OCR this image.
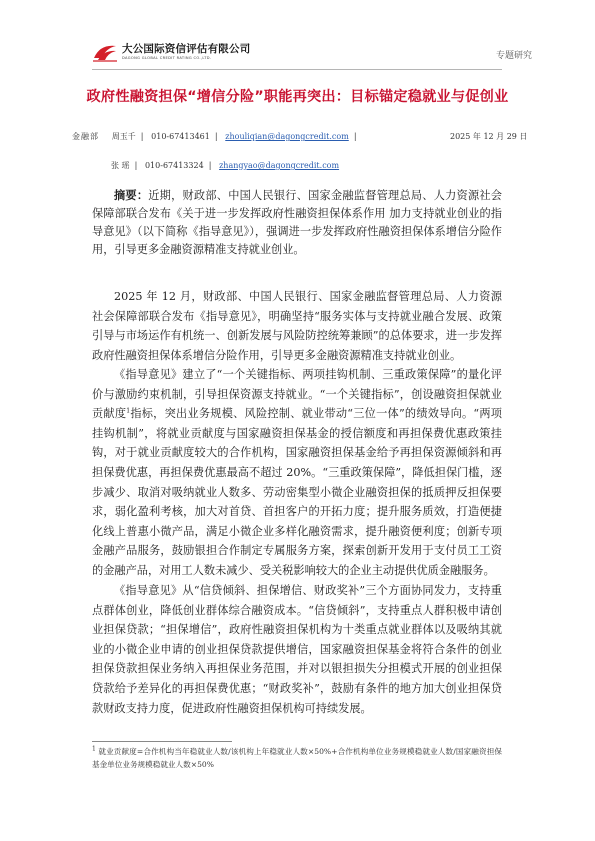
大公国际资信评估有限公司
DAGONG GLOBAL CREDIT RATING CO.,LTD.	专题研究
政府性融资担保“增信分险”职能再突出：目标锚定稳就业与促创业
金融部 周玉千  |   010-67413461  |   zhouliqian@dagongcredit.com  |	2025 年 12 月 29 日
张 瑶  |   010-67413324  |   zhangyao@dagongcredit.com
摘要：近期，财政部、中国人民银行、国家金融监督管理总局、人力资源社会保障部联合发布《关于进一步发挥政府性融资担保体系作用 加力支持就业创业的指导意见》（以下简称《指导意见》），强调进一步发挥政府性融资担保体系增信分险作用，引导更多金融资源精准支持就业创业。

2025 年 12 月，财政部、中国人民银行、国家金融监督管理总局、人力资源社会保障部联合发布《指导意见》，明确坚持“服务实体与支持就业融合发展、政策引导与市场运作有机统一、创新发展与风险防控统筹兼顾”的总体要求，进一步发挥政府性融资担保体系增信分险作用，引导更多金融资源精准支持就业创业。

《指导意见》建立了“一个关键指标、两项挂钩机制、三重政策保障”的量化评价与激励约束机制，引导担保资源支持就业。“一个关键指标”，创设融资担保就业贡献度$^1$指标，突出业务规模、风险控制、就业带动“三位一体”的绩效导向。“两项挂钩机制”，将就业贡献度与国家融资担保基金的授信额度和再担保费优惠政策挂钩，对于就业贡献度较大的合作机构，国家融资担保基金给予再担保资源倾斜和再担保费优惠，再担保费优惠最高不超过 20%。“三重政策保障”，降低担保门槛，逐步减少、取消对吸纳就业人数多、劳动密集型小微企业融资担保的抵质押反担保要求，弱化盈利考核，加大对首贷、首担客户的开拓力度；提升服务质效，打造便捷化线上普惠小微产品，满足小微企业多样化融资需求，提升融资便利度；创新专项金融产品服务，鼓励银担合作制定专属服务方案，探索创新开发用于支付员工工资的金融产品，对用工人数未减少、受关税影响较大的企业主动提供优质金融服务。

《指导意见》从“信贷倾斜、担保增信、财政奖补”三个方面协同发力，支持重点群体创业，降低创业群体综合融资成本。“信贷倾斜”，支持重点人群积极申请创业担保贷款；“担保增信”，政府性融资担保机构为十类重点就业群体以及吸纳其就业的小微企业申请的创业担保贷款提供增信，国家融资担保基金将符合条件的创业担保贷款担保业务纳入再担保业务范围，并对以银担损失分担模式开展的创业担保贷款给予差异化的再担保费优惠；“财政奖补”，鼓励有条件的地方加大创业担保贷款财政支持力度，促进政府性融资担保机构可持续发展。

$^1$ 就业贡献度=合作机构当年稳就业人数/该机构上年稳就业人数×50%+合作机构单位业务规模稳就业人数/国家融资担保基金单位业务规模稳就业人数×50%
